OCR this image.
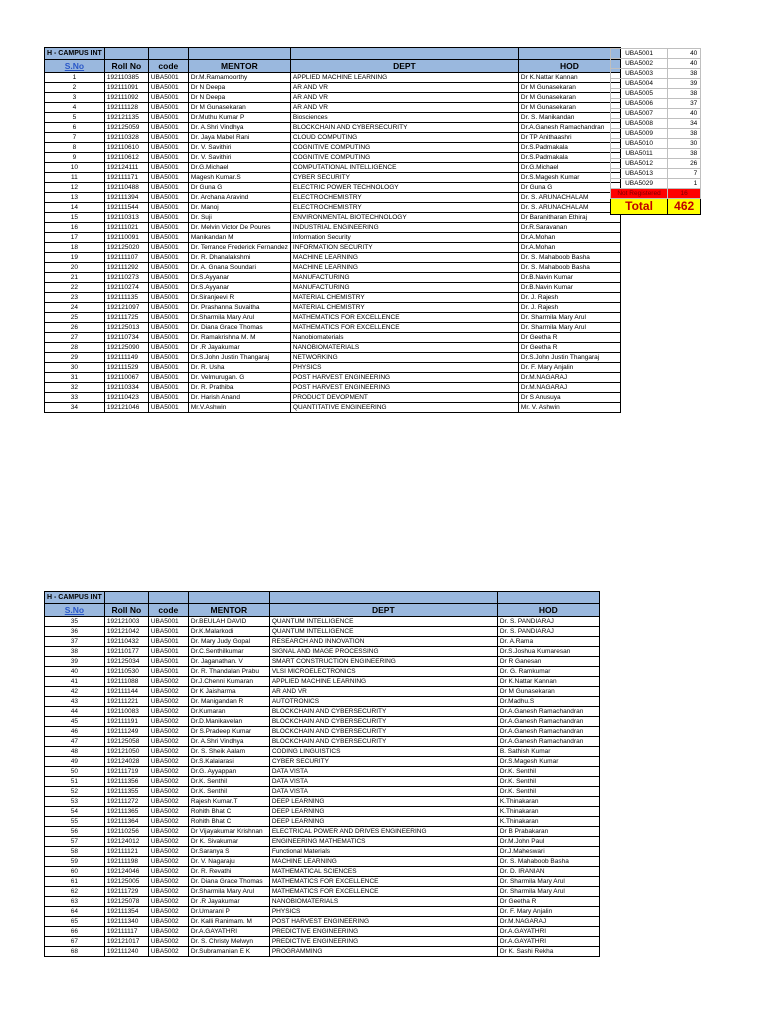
H - CAMPUS INT					
S.No	Roll No	code	MENTOR	DEPT	HOD
1	192110385	UBA5001	Dr.M.Ramamoorthy	APPLIED MACHINE LEARNING	Dr K.Nattar Kannan
2	192111091	UBA5001	Dr N Deepa	AR AND VR	Dr M Gunasekaran
3	192111092	UBA5001	Dr N Deepa	AR AND VR	Dr M Gunasekaran
4	192111128	UBA5001	Dr M Gunasekaran	AR AND VR	Dr M Gunasekaran
5	192121135	UBA5001	Dr.Muthu Kumar P	Biosciences	Dr. S. Manikandan
6	192125059	UBA5001	Dr. A.Shri Vindhya	BLOCKCHAIN AND CYBERSECURITY	Dr.A.Ganesh Ramachandran
7	192110328	UBA5001	Dr. Jaya Mabel Rani	CLOUD COMPUTING	Dr TP Anithaashri
8	192110610	UBA5001	Dr. V. Savithiri	COGNITIVE COMPUTING	Dr.S.Padmakala
9	192110612	UBA5001	Dr. V. Savithiri	COGNITIVE COMPUTING	Dr.S.Padmakala
10	192124111	UBA5001	Dr.G.Michael	COMPUTATIONAL INTELLIGENCE	Dr.G.Michael
11	192111171	UBA5001	Magesh Kumar.S	CYBER SECURITY	Dr.S.Magesh Kumar
12	192110488	UBA5001	Dr Guna G	ELECTRIC POWER TECHNOLOGY	Dr Guna G
13	192111394	UBA5001	Dr. Archana Aravind	ELECTROCHEMISTRY	Dr. S. ARUNACHALAM
14	192111544	UBA5001	Dr. Manoj	ELECTROCHEMISTRY	Dr. S. ARUNACHALAM
15	192110313	UBA5001	Dr. Suji	ENVIRONMENTAL BIOTECHNOLOGY	Dr Baranitharan Ethiraj
16	192111021	UBA5001	Dr. Melvin Victor De Poures	INDUSTRIAL ENGINEERING	Dr.R.Saravanan
17	192110091	UBA5001	Manikandan M	Information Security	Dr.A.Mohan
18	192125020	UBA5001	Dr. Terrance Frederick Fernandez	INFORMATION SECURITY	Dr.A.Mohan
19	192111107	UBA5001	Dr. R. Dhanalakshmi	MACHINE LEARNING	Dr. S. Mahaboob Basha
20	192111292	UBA5001	Dr. A. Gnana Soundari	MACHINE LEARNING	Dr. S. Mahaboob Basha
21	192110273	UBA5001	Dr.S.Ayyanar	MANUFACTURING	Dr.B.Navin Kumar
22	192110274	UBA5001	Dr.S.Ayyanar	MANUFACTURING	Dr.B.Navin Kumar
23	192111135	UBA5001	Dr.Siranjeevi R	MATERIAL CHEMISTRY	Dr. J. Rajesh
24	192121097	UBA5001	Dr. Prashanna Suvaitha	MATERIAL CHEMISTRY	Dr. J. Rajesh
25	192111725	UBA5001	Dr.Sharmila Mary Arul	MATHEMATICS FOR EXCELLENCE	Dr. Sharmila Mary Arul
26	192125013	UBA5001	Dr. Diana Grace Thomas	MATHEMATICS FOR EXCELLENCE	Dr. Sharmila Mary Arul
27	192110734	UBA5001	Dr. Ramakrishna M. M	Nanobiomaterials	Dr Geetha R
28	192125090	UBA5001	Dr .R Jayakumar	NANOBIOMATERIALS	Dr Geetha R
29	192111149	UBA5001	Dr.S.John Justin Thangaraj	NETWORKING	Dr.S.John Justin Thangaraj
30	192111529	UBA5001	Dr. R. Usha	PHYSICS	Dr. F. Mary Anjalin
31	192110067	UBA5001	Dr. Velmurugan. G	POST HARVEST ENGINEERING	Dr.M.NAGARAJ
32	192110334	UBA5001	Dr. R. Prathiba	POST HARVEST ENGINEERING	Dr.M.NAGARAJ
33	192110423	UBA5001	Dr. Harish Anand	PRODUCT DEVOPMENT	Dr S Anusuya
34	192121046	UBA5001	Mr.V.Ashwin	QUANTITATIVE ENGINEERING	Mr. V. Ashwin
UBA5001	40
UBA5002	40
UBA5003	38
UBA5004	39
UBA5005	38
UBA5006	37
UBA5007	40
UBA5008	34
UBA5009	38
UBA5010	30
UBA5011	38
UBA5012	26
UBA5013	7
UBA5029	1
Not Registered	16
Total	462
H - CAMPUS INT					
S.No	Roll No	code	MENTOR	DEPT	HOD
35	192121003	UBA5001	Dr.BEULAH DAVID	QUANTUM INTELLIGENCE	Dr. S. PANDIARAJ
36	192121042	UBA5001	Dr.K.Malarkodi	QUANTUM INTELLIGENCE	Dr. S. PANDIARAJ
37	192110432	UBA5001	Dr. Mary Judy Gopal	RESEARCH AND INNOVATION	Dr. A.Rama
38	192110177	UBA5001	Dr.C.Senthilkumar	SIGNAL AND IMAGE PROCESSING	Dr.S.Joshua Kumaresan
39	192125034	UBA5001	Dr. Jaganathan. V	SMART CONSTRUCTION ENGINEERING	Dr R Ganesan
40	192110530	UBA5001	Dr. R. Thandalan Prabu	VLSI MICROELECTRONICS	Dr. G. Ramkumar
41	192111088	UBA5002	Dr.J.Chenni Kumaran	APPLIED MACHINE LEARNING	Dr K.Nattar Kannan
42	192111144	UBA5002	Dr K Jaisharma	AR AND VR	Dr M Gunasekaran
43	192111221	UBA5002	Dr. Manigandan R	AUTOTRONICS	Dr.Madhu.S
44	192110083	UBA5002	Dr.Kumaran	BLOCKCHAIN AND CYBERSECURITY	Dr.A.Ganesh Ramachandran
45	192111191	UBA5002	Dr.D.Manikavelan	BLOCKCHAIN AND CYBERSECURITY	Dr.A.Ganesh Ramachandran
46	192111249	UBA5002	Dr S.Pradeep Kumar	BLOCKCHAIN AND CYBERSECURITY	Dr.A.Ganesh Ramachandran
47	192125058	UBA5002	Dr. A.Shri Vindhya	BLOCKCHAIN AND CYBERSECURITY	Dr.A.Ganesh Ramachandran
48	192121050	UBA5002	Dr. S. Sheik Aalam	CODING LINGUISTICS	B. Sathish Kumar
49	192124028	UBA5002	Dr.S.Kalaiarasi	CYBER SECURITY	Dr.S.Magesh Kumar
50	192111719	UBA5002	Dr.G. Ayyappan	DATA VISTA	Dr.K. Senthil
51	192111356	UBA5002	Dr.K. Senthil	DATA VISTA	Dr.K. Senthil
52	192111355	UBA5002	Dr.K. Senthil	DATA VISTA	Dr.K. Senthil
53	192111272	UBA5002	Rajesh Kumar.T	DEEP LEARNING	K.Thinakaran
54	192111365	UBA5002	Rohith Bhat C	DEEP LEARNING	K.Thinakaran
55	192111364	UBA5002	Rohith Bhat C	DEEP LEARNING	K.Thinakaran
56	192110256	UBA5002	Dr Vijayakumar Krishnan	ELECTRICAL POWER AND DRIVES ENGINEERING	Dr B Prabakaran
57	192124012	UBA5002	Dr K. Sivakumar	ENGINEERING MATHEMATICS	Dr.M.John Paul
58	192111121	UBA5002	Dr.Saranya S	Functional Materials	Dr.J.Maheswari
59	192111198	UBA5002	Dr. V. Nagaraju	MACHINE LEARNING	Dr. S. Mahaboob Basha
60	192124046	UBA5002	Dr. R. Revathi	MATHEMATICAL SCIENCES	Dr. D. IRANIAN
61	192125005	UBA5002	Dr. Diana Grace Thomas	MATHEMATICS FOR EXCELLENCE	Dr. Sharmila Mary Arul
62	192111729	UBA5002	Dr.Sharmila Mary Arul	MATHEMATICS FOR EXCELLENCE	Dr. Sharmila Mary Arul
63	192125078	UBA5002	Dr .R Jayakumar	NANOBIOMATERIALS	Dr Geetha R
64	192111354	UBA5002	Dr.Umarani P	PHYSICS	Dr. F. Mary Anjalin
65	192111340	UBA5002	Dr. Kalli Ranimam. M	POST HARVEST ENGINEERING	Dr.M.NAGARAJ
66	192111117	UBA5002	Dr.A.GAYATHRI	PREDICTIVE ENGINEERING	Dr.A.GAYATHRI
67	192121017	UBA5002	Dr. S. Christy Melwyn	PREDICTIVE ENGINEERING	Dr.A.GAYATHRI
68	192111240	UBA5002	Dr.Subramanian E K	PROGRAMMING	Dr K. Sashi Rekha
